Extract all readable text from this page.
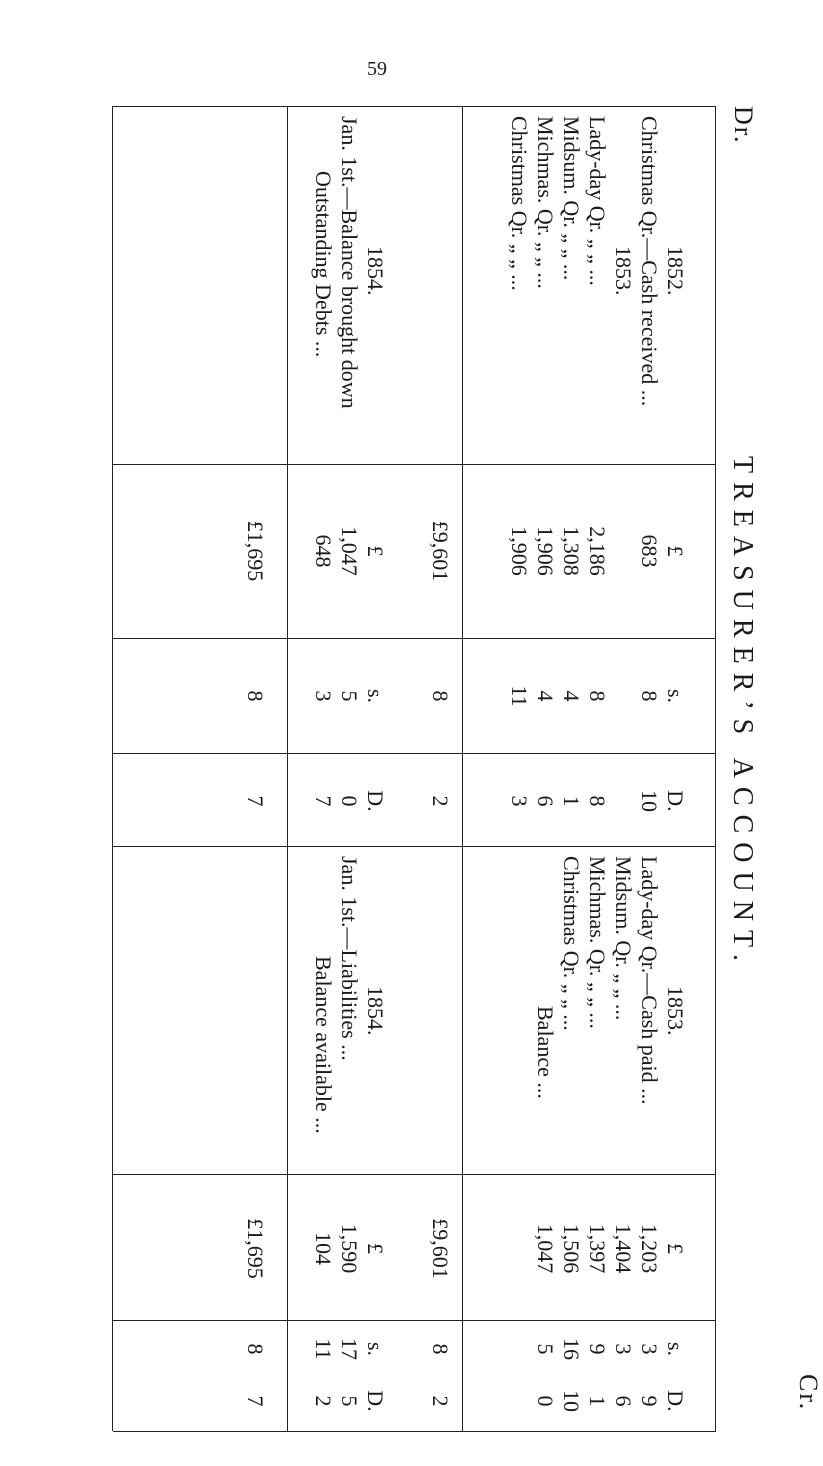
59
Dr.
TREASURER’S ACCOUNT.
Cr.
1852.
Christmas Qr.—Cash received ...
1853.
Lady-day Qr. „ „ ...
Midsum. Qr. „ „ ...
Michmas. Qr. „ „ ...
Christmas Qr. „ „ ...
£
683

2,186
1,308
1,906
1,906
s.
8

8
4
4
11
D.
10

8
1
6
3
1853.
Lady-day Qr.—Cash paid ...
Midsum. Qr. „ „ ...
Michmas. Qr. „ „ ...
Christmas Qr. „ „ ...
Balance ...
£
1,203
1,404
1,397
1,506
1,047
s.
3
3
9
16
5
D.
9
6
1
10
0
£9,601
8
2
£9,601
8
2
1854.
Jan. 1st.—Balance brought down
Outstanding Debts ...
£
1,047
648
s.
5
3
D.
0
7
1854.
Jan. 1st.—Liabilities ...
Balance available ...
£
1,590
104
s.
17
11
D.
5
2
£1,695
8
7
£1,695
8
7
